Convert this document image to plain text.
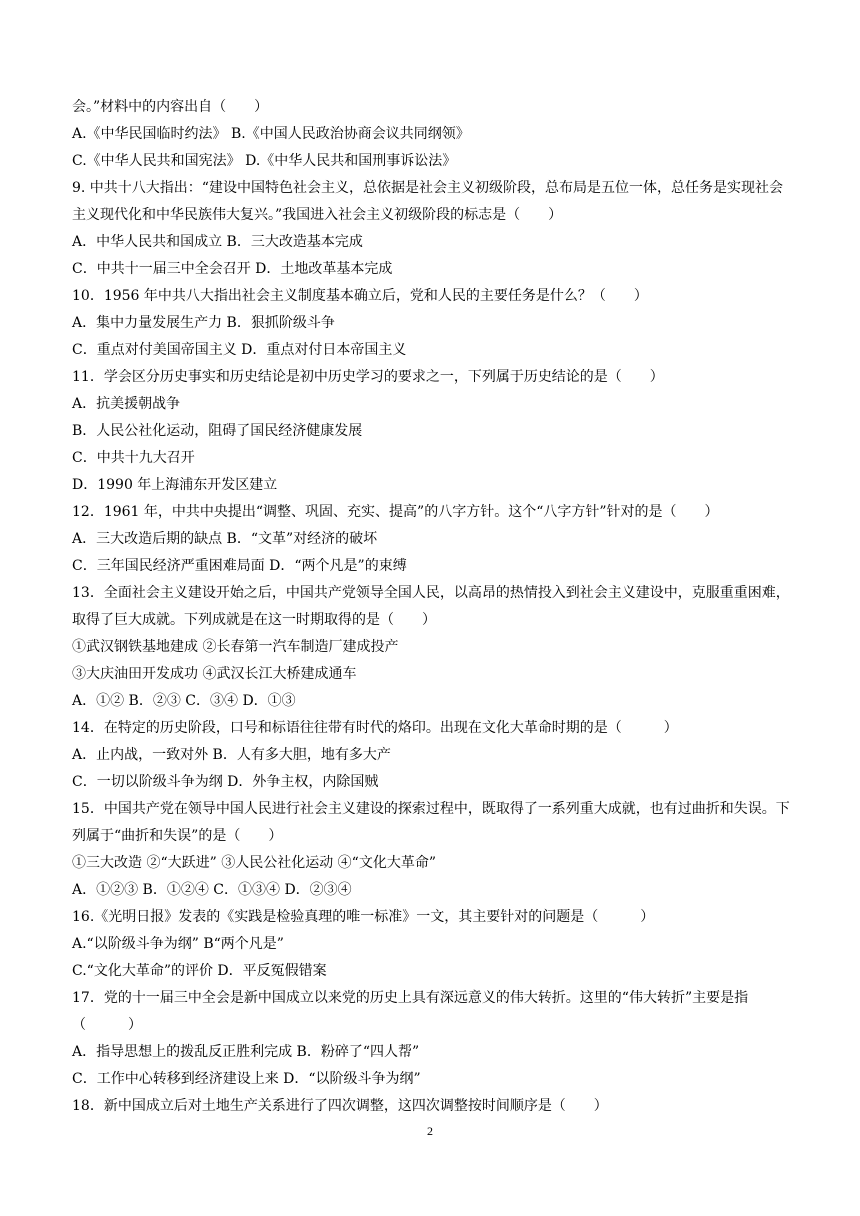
会。”材料中的内容出自（　　）
A.《中华民国临时约法》 B.《中国人民政治协商会议共同纲领》
C.《中华人民共和国宪法》 D.《中华人民共和国刑事诉讼法》
9. 中共十八大指出：“建设中国特色社会主义，总依据是社会主义初级阶段，总布局是五位一体，总任务是实现社会主义现代化和中华民族伟大复兴。”我国进入社会主义初级阶段的标志是（　　）
A．中华人民共和国成立 B．三大改造基本完成
C．中共十一届三中全会召开 D．土地改革基本完成
10．1956 年中共八大指出社会主义制度基本确立后，党和人民的主要任务是什么？（　　）
A．集中力量发展生产力 B．狠抓阶级斗争
C．重点对付美国帝国主义 D．重点对付日本帝国主义
11．学会区分历史事实和历史结论是初中历史学习的要求之一，下列属于历史结论的是（　　）
A．抗美援朝战争
B．人民公社化运动，阻碍了国民经济健康发展
C．中共十九大召开
D．1990 年上海浦东开发区建立
12．1961 年，中共中央提出“调整、巩固、充实、提高”的八字方针。这个“八字方针”针对的是（　　）
A．三大改造后期的缺点 B．“文革”对经济的破坏
C．三年国民经济严重困难局面 D．“两个凡是”的束缚
13．全面社会主义建设开始之后，中国共产党领导全国人民，以高昂的热情投入到社会主义建设中，克服重重困难，取得了巨大成就。下列成就是在这一时期取得的是（　　）
①武汉钢铁基地建成 ②长春第一汽车制造厂建成投产
③大庆油田开发成功 ④武汉长江大桥建成通车
A．①② B．②③ C．③④ D．①③
14．在特定的历史阶段，口号和标语往往带有时代的烙印。出现在文化大革命时期的是（　　　）
A．止内战，一致对外 B．人有多大胆，地有多大产
C．一切以阶级斗争为纲 D．外争主权，内除国贼
15．中国共产党在领导中国人民进行社会主义建设的探索过程中，既取得了一系列重大成就，也有过曲折和失误。下列属于“曲折和失误”的是（　　）
①三大改造 ②“大跃进” ③人民公社化运动 ④“文化大革命”
A．①②③ B．①②④ C．①③④ D．②③④
16.《光明日报》发表的《实践是检验真理的唯一标准》一文，其主要针对的问题是（　　　）
A.“以阶级斗争为纲” B“两个凡是”
C.“文化大革命”的评价 D．平反冤假错案
17．党的十一届三中全会是新中国成立以来党的历史上具有深远意义的伟大转折。这里的“伟大转折”主要是指（　　　）
A．指导思想上的拨乱反正胜利完成 B．粉碎了“四人帮”
C．工作中心转移到经济建设上来 D．“以阶级斗争为纲”
18．新中国成立后对土地生产关系进行了四次调整，这四次调整按时间顺序是（　　）
2
